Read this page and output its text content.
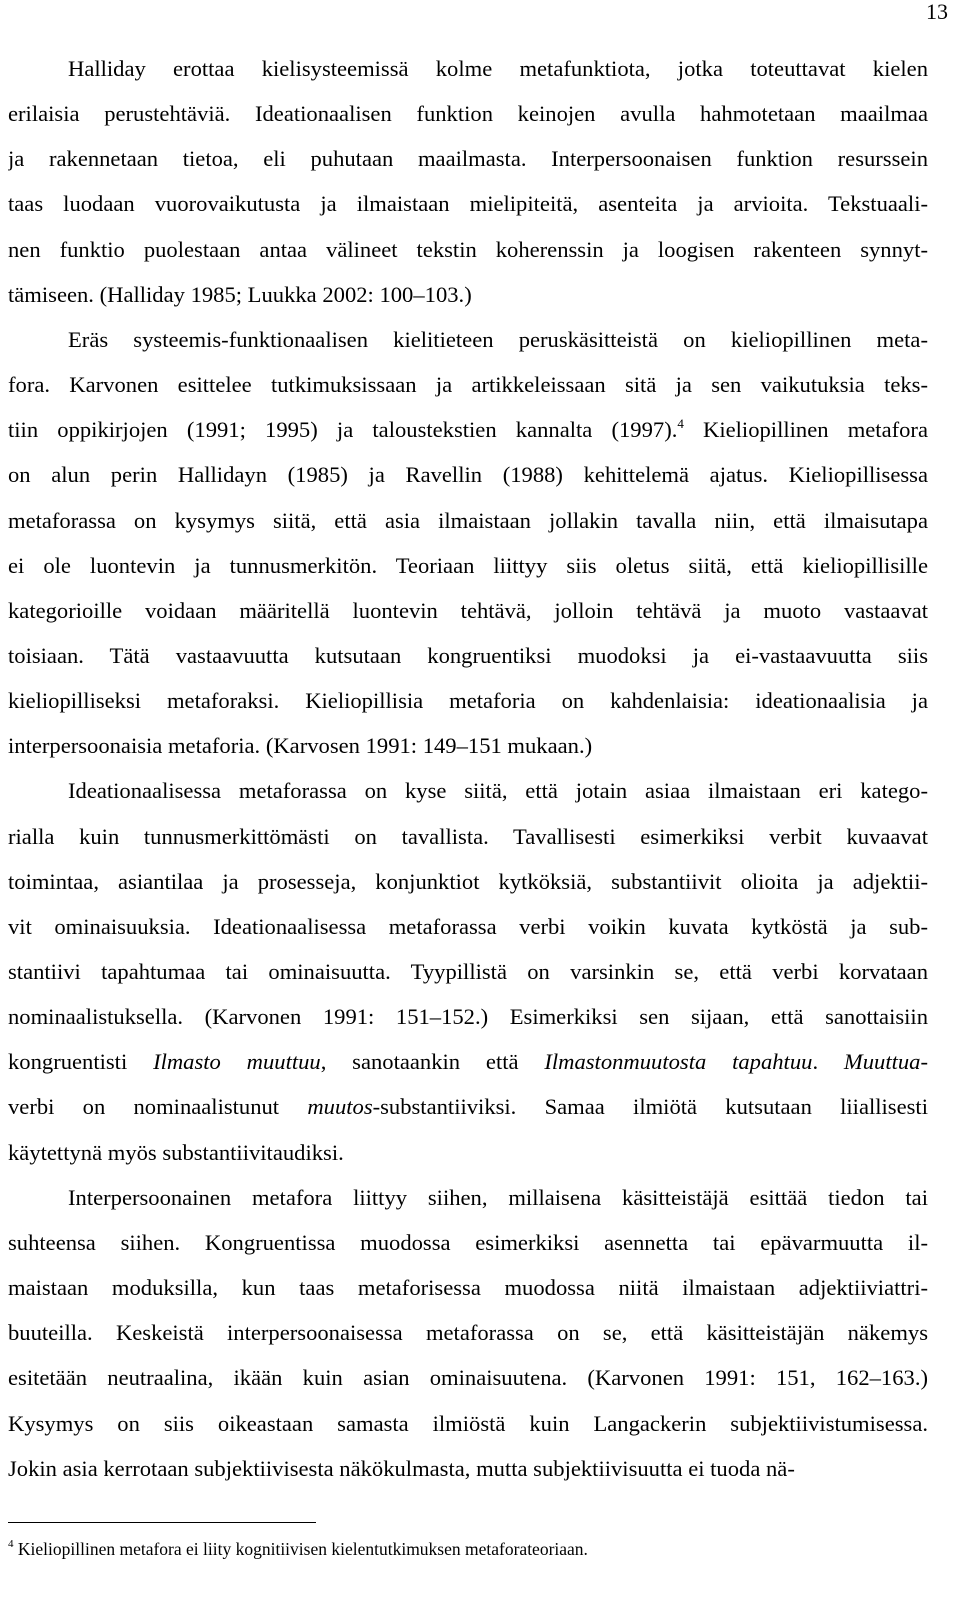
13
Halliday erottaa kielisysteemissä kolme metafunktiota, jotka toteuttavat kielen
erilaisia perustehtäviä. Ideationaalisen funktion keinojen avulla hahmotetaan maailmaa
ja rakennetaan tietoa, eli puhutaan maailmasta. Interpersoonaisen funktion resurssein
taas luodaan vuorovaikutusta ja ilmaistaan mielipiteitä, asenteita ja arvioita. Tekstuaali-
nen funktio puolestaan antaa välineet tekstin koherenssin ja loogisen rakenteen synnyt-
tämiseen. (Halliday 1985; Luukka 2002: 100–103.)
Eräs systeemis-funktionaalisen kielitieteen peruskäsitteistä on kieliopillinen meta-
fora. Karvonen esittelee tutkimuksissaan ja artikkeleissaan sitä ja sen vaikutuksia teks-
tiin oppikirjojen (1991; 1995) ja taloustekstien kannalta (1997).$^4$ Kieliopillinen metafora
on alun perin Hallidayn (1985) ja Ravellin (1988) kehittelemä ajatus. Kieliopillisessa
metaforassa on kysymys siitä, että asia ilmaistaan jollakin tavalla niin, että ilmaisutapa
ei ole luontevin ja tunnusmerkitön. Teoriaan liittyy siis oletus siitä, että kieliopillisille
kategorioille voidaan määritellä luontevin tehtävä, jolloin tehtävä ja muoto vastaavat
toisiaan. Tätä vastaavuutta kutsutaan kongruentiksi muodoksi ja ei-vastaavuutta siis
kieliopilliseksi metaforaksi. Kieliopillisia metaforia on kahdenlaisia: ideationaalisia ja
interpersoonaisia metaforia. (Karvosen 1991: 149–151 mukaan.)
Ideationaalisessa metaforassa on kyse siitä, että jotain asiaa ilmaistaan eri katego-
rialla kuin tunnusmerkittömästi on tavallista. Tavallisesti esimerkiksi verbit kuvaavat
toimintaa, asiantilaa ja prosesseja, konjunktiot kytköksiä, substantiivit olioita ja adjektii-
vit ominaisuuksia. Ideationaalisessa metaforassa verbi voikin kuvata kytköstä ja sub-
stantiivi tapahtumaa tai ominaisuutta. Tyypillistä on varsinkin se, että verbi korvataan
nominaalistuksella. (Karvonen 1991: 151–152.) Esimerkiksi sen sijaan, että sanottaisiin
kongruentisti Ilmasto muuttuu, sanotaankin että Ilmastonmuutosta tapahtuu. Muuttua-
verbi on nominaalistunut muutos-substantiiviksi. Samaa ilmiötä kutsutaan liiallisesti
käytettynä myös substantiivitaudiksi.
Interpersoonainen metafora liittyy siihen, millaisena käsitteistäjä esittää tiedon tai
suhteensa siihen. Kongruentissa muodossa esimerkiksi asennetta tai epävarmuutta il-
maistaan moduksilla, kun taas metaforisessa muodossa niitä ilmaistaan adjektiiviattri-
buuteilla. Keskeistä interpersoonaisessa metaforassa on se, että käsitteistäjän näkemys
esitetään neutraalina, ikään kuin asian ominaisuutena. (Karvonen 1991: 151, 162–163.)
Kysymys on siis oikeastaan samasta ilmiöstä kuin Langackerin subjektiivistumisessa.
Jokin asia kerrotaan subjektiivisesta näkökulmasta, mutta subjektiivisuutta ei tuoda nä-
$^4$ Kieliopillinen metafora ei liity kognitiivisen kielentutkimuksen metaforateoriaan.
